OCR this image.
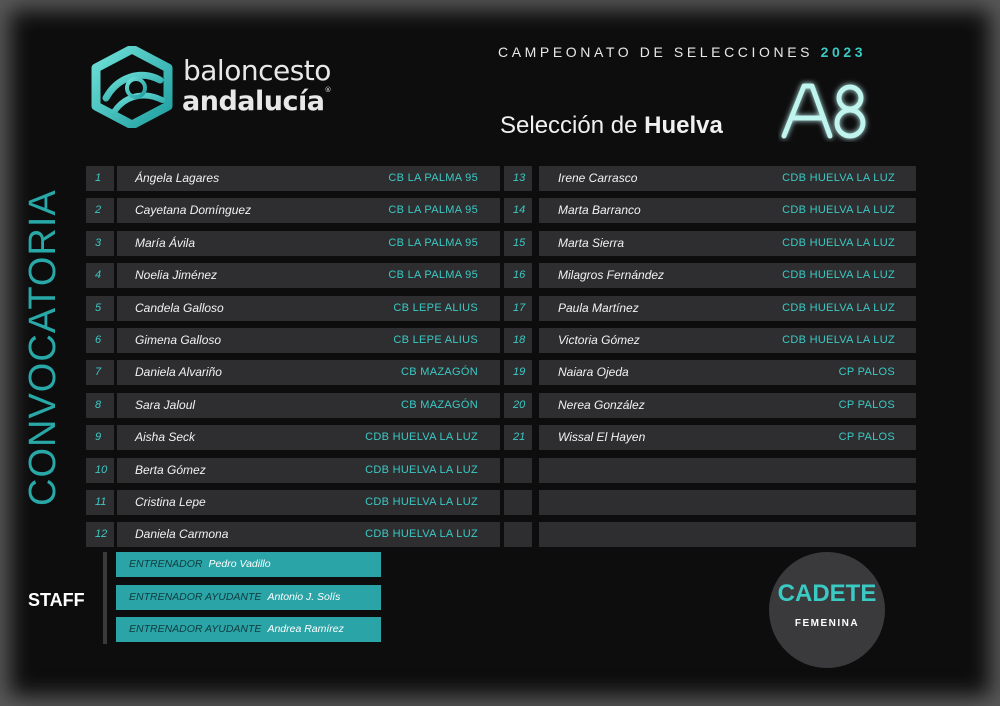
baloncesto
andalucía®
CAMPEONATO DE SELECCIONES 2023
Selección de Huelva
CONVOCATORIA
1	Ángela Lagares	CB LA PALMA 95
2	Cayetana Domínguez	CB LA PALMA 95
3	María Ávila	CB LA PALMA 95
4	Noelia Jiménez	CB LA PALMA 95
5	Candela Galloso	CB LEPE ALIUS
6	Gimena Galloso	CB LEPE ALIUS
7	Daniela Alvariño	CB MAZAGÓN
8	Sara Jaloul	CB MAZAGÓN
9	Aisha Seck	CDB HUELVA LA LUZ
10	Berta Gómez	CDB HUELVA LA LUZ
11	Cristina Lepe	CDB HUELVA LA LUZ
12	Daniela Carmona	CDB HUELVA LA LUZ
13	Irene Carrasco	CDB HUELVA LA LUZ
14	Marta Barranco	CDB HUELVA LA LUZ
15	Marta Sierra	CDB HUELVA LA LUZ
16	Milagros Fernández	CDB HUELVA LA LUZ
17	Paula Martínez	CDB HUELVA LA LUZ
18	Victoria Gómez	CDB HUELVA LA LUZ
19	Naiara Ojeda	CP PALOS
20	Nerea González	CP PALOS
21	Wissal El Hayen	CP PALOS
STAFF
ENTRENADOR Pedro Vadillo
ENTRENADOR AYUDANTE Antonio J. Solís
ENTRENADOR AYUDANTE Andrea Ramírez
CADETE
FEMENINA
